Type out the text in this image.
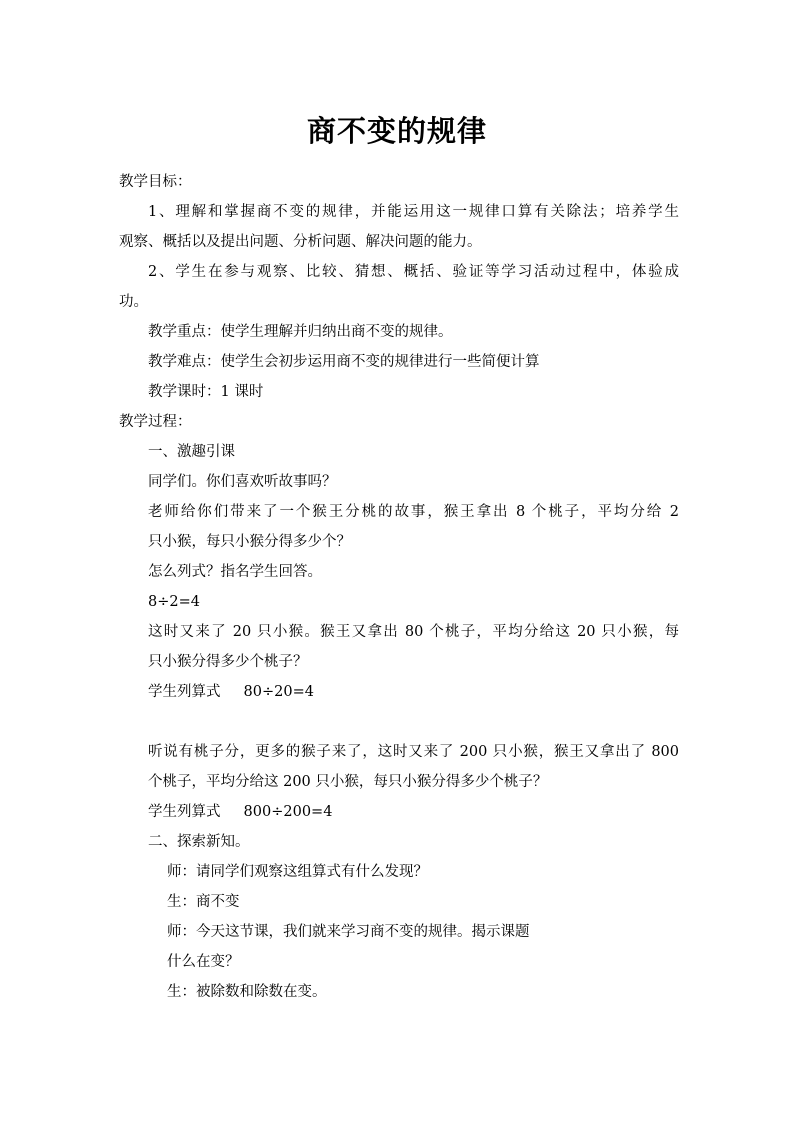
商不变的规律
教学目标：
1、理解和掌握商不变的规律，并能运用这一规律口算有关除法；培养学生
观察、概括以及提出问题、分析问题、解决问题的能力。
2、学生在参与观察、比较、猜想、概括、验证等学习活动过程中，体验成
功。
教学重点：使学生理解并归纳出商不变的规律。
教学难点：使学生会初步运用商不变的规律进行一些简便计算
教学课时：1 课时
教学过程：
一、激趣引课
同学们。你们喜欢听故事吗？
老师给你们带来了一个猴王分桃的故事，猴王拿出 8 个桃子，平均分给 2
只小猴，每只小猴分得多少个？
怎么列式？指名学生回答。
8÷2=4
这时又来了 20 只小猴。猴王又拿出 80 个桃子，平均分给这 20 只小猴，每
只小猴分得多少个桃子？
学生列算式     80÷20=4
听说有桃子分，更多的猴子来了，这时又来了 200 只小猴，猴王又拿出了 800
个桃子，平均分给这 200 只小猴，每只小猴分得多少个桃子？
学生列算式     800÷200=4
二、探索新知。
师：请同学们观察这组算式有什么发现？
生：商不变
师：今天这节课，我们就来学习商不变的规律。揭示课题
什么在变？
生：被除数和除数在变。
